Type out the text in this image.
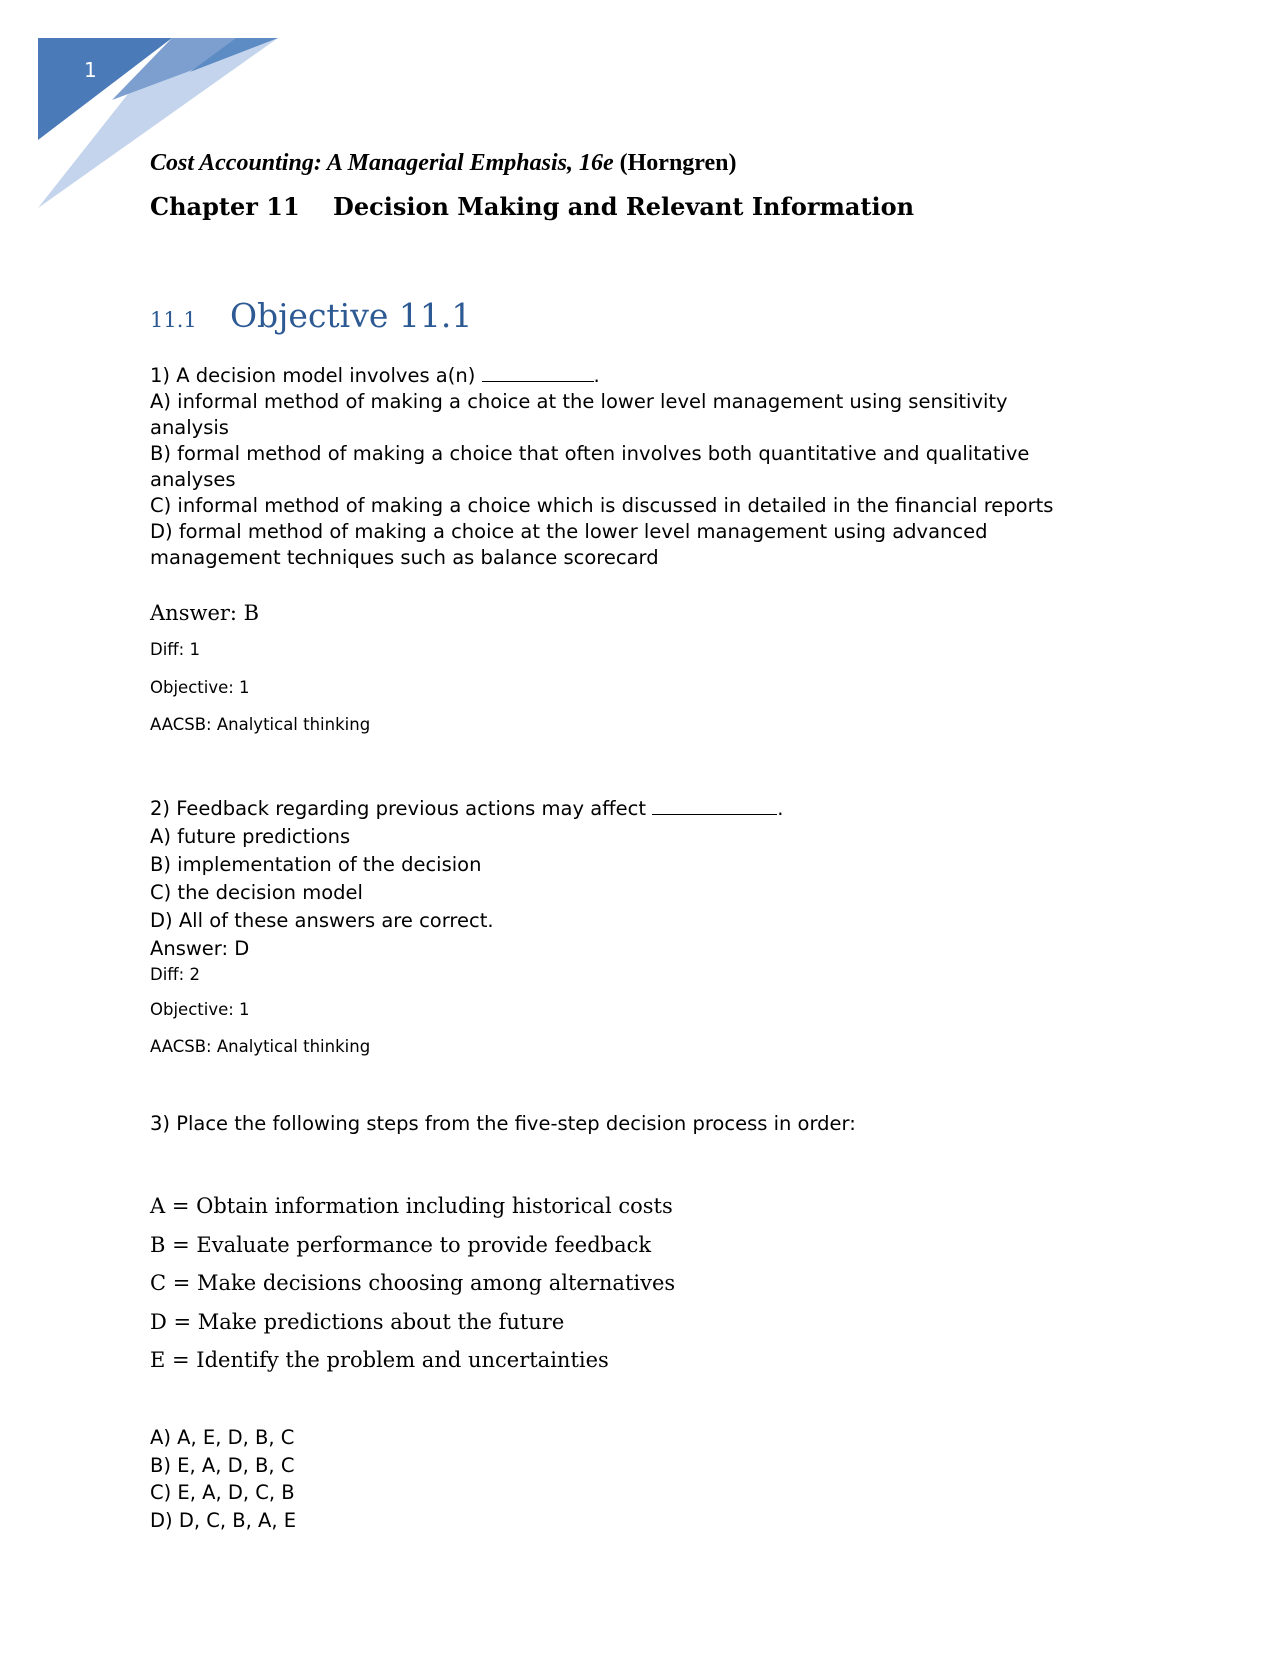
1
Cost Accounting: A Managerial Emphasis, 16e (Horngren)
Chapter 11 Decision Making and Relevant Information
11.1 Objective 11.1
1) A decision model involves a(n)	.
A) informal method of making a choice at the lower level management using sensitivity analysis
B) formal method of making a choice that often involves both quantitative and qualitative analyses
C) informal method of making a choice which is discussed in detailed in the financial reports
D) formal method of making a choice at the lower level management using advanced management techniques such as balance scorecard
Answer: B
Diff: 1
Objective: 1
AACSB: Analytical thinking
2) Feedback regarding previous actions may affect	.
A) future predictions
B) implementation of the decision
C) the decision model
D) All of these answers are correct.
Answer: D
Diff: 2
Objective: 1
AACSB: Analytical thinking
3) Place the following steps from the five-step decision process in order:
A = Obtain information including historical costs
B = Evaluate performance to provide feedback
C = Make decisions choosing among alternatives
D = Make predictions about the future
E = Identify the problem and uncertainties
A) A, E, D, B, C
B) E, A, D, B, C
C) E, A, D, C, B
D) D, C, B, A, E
